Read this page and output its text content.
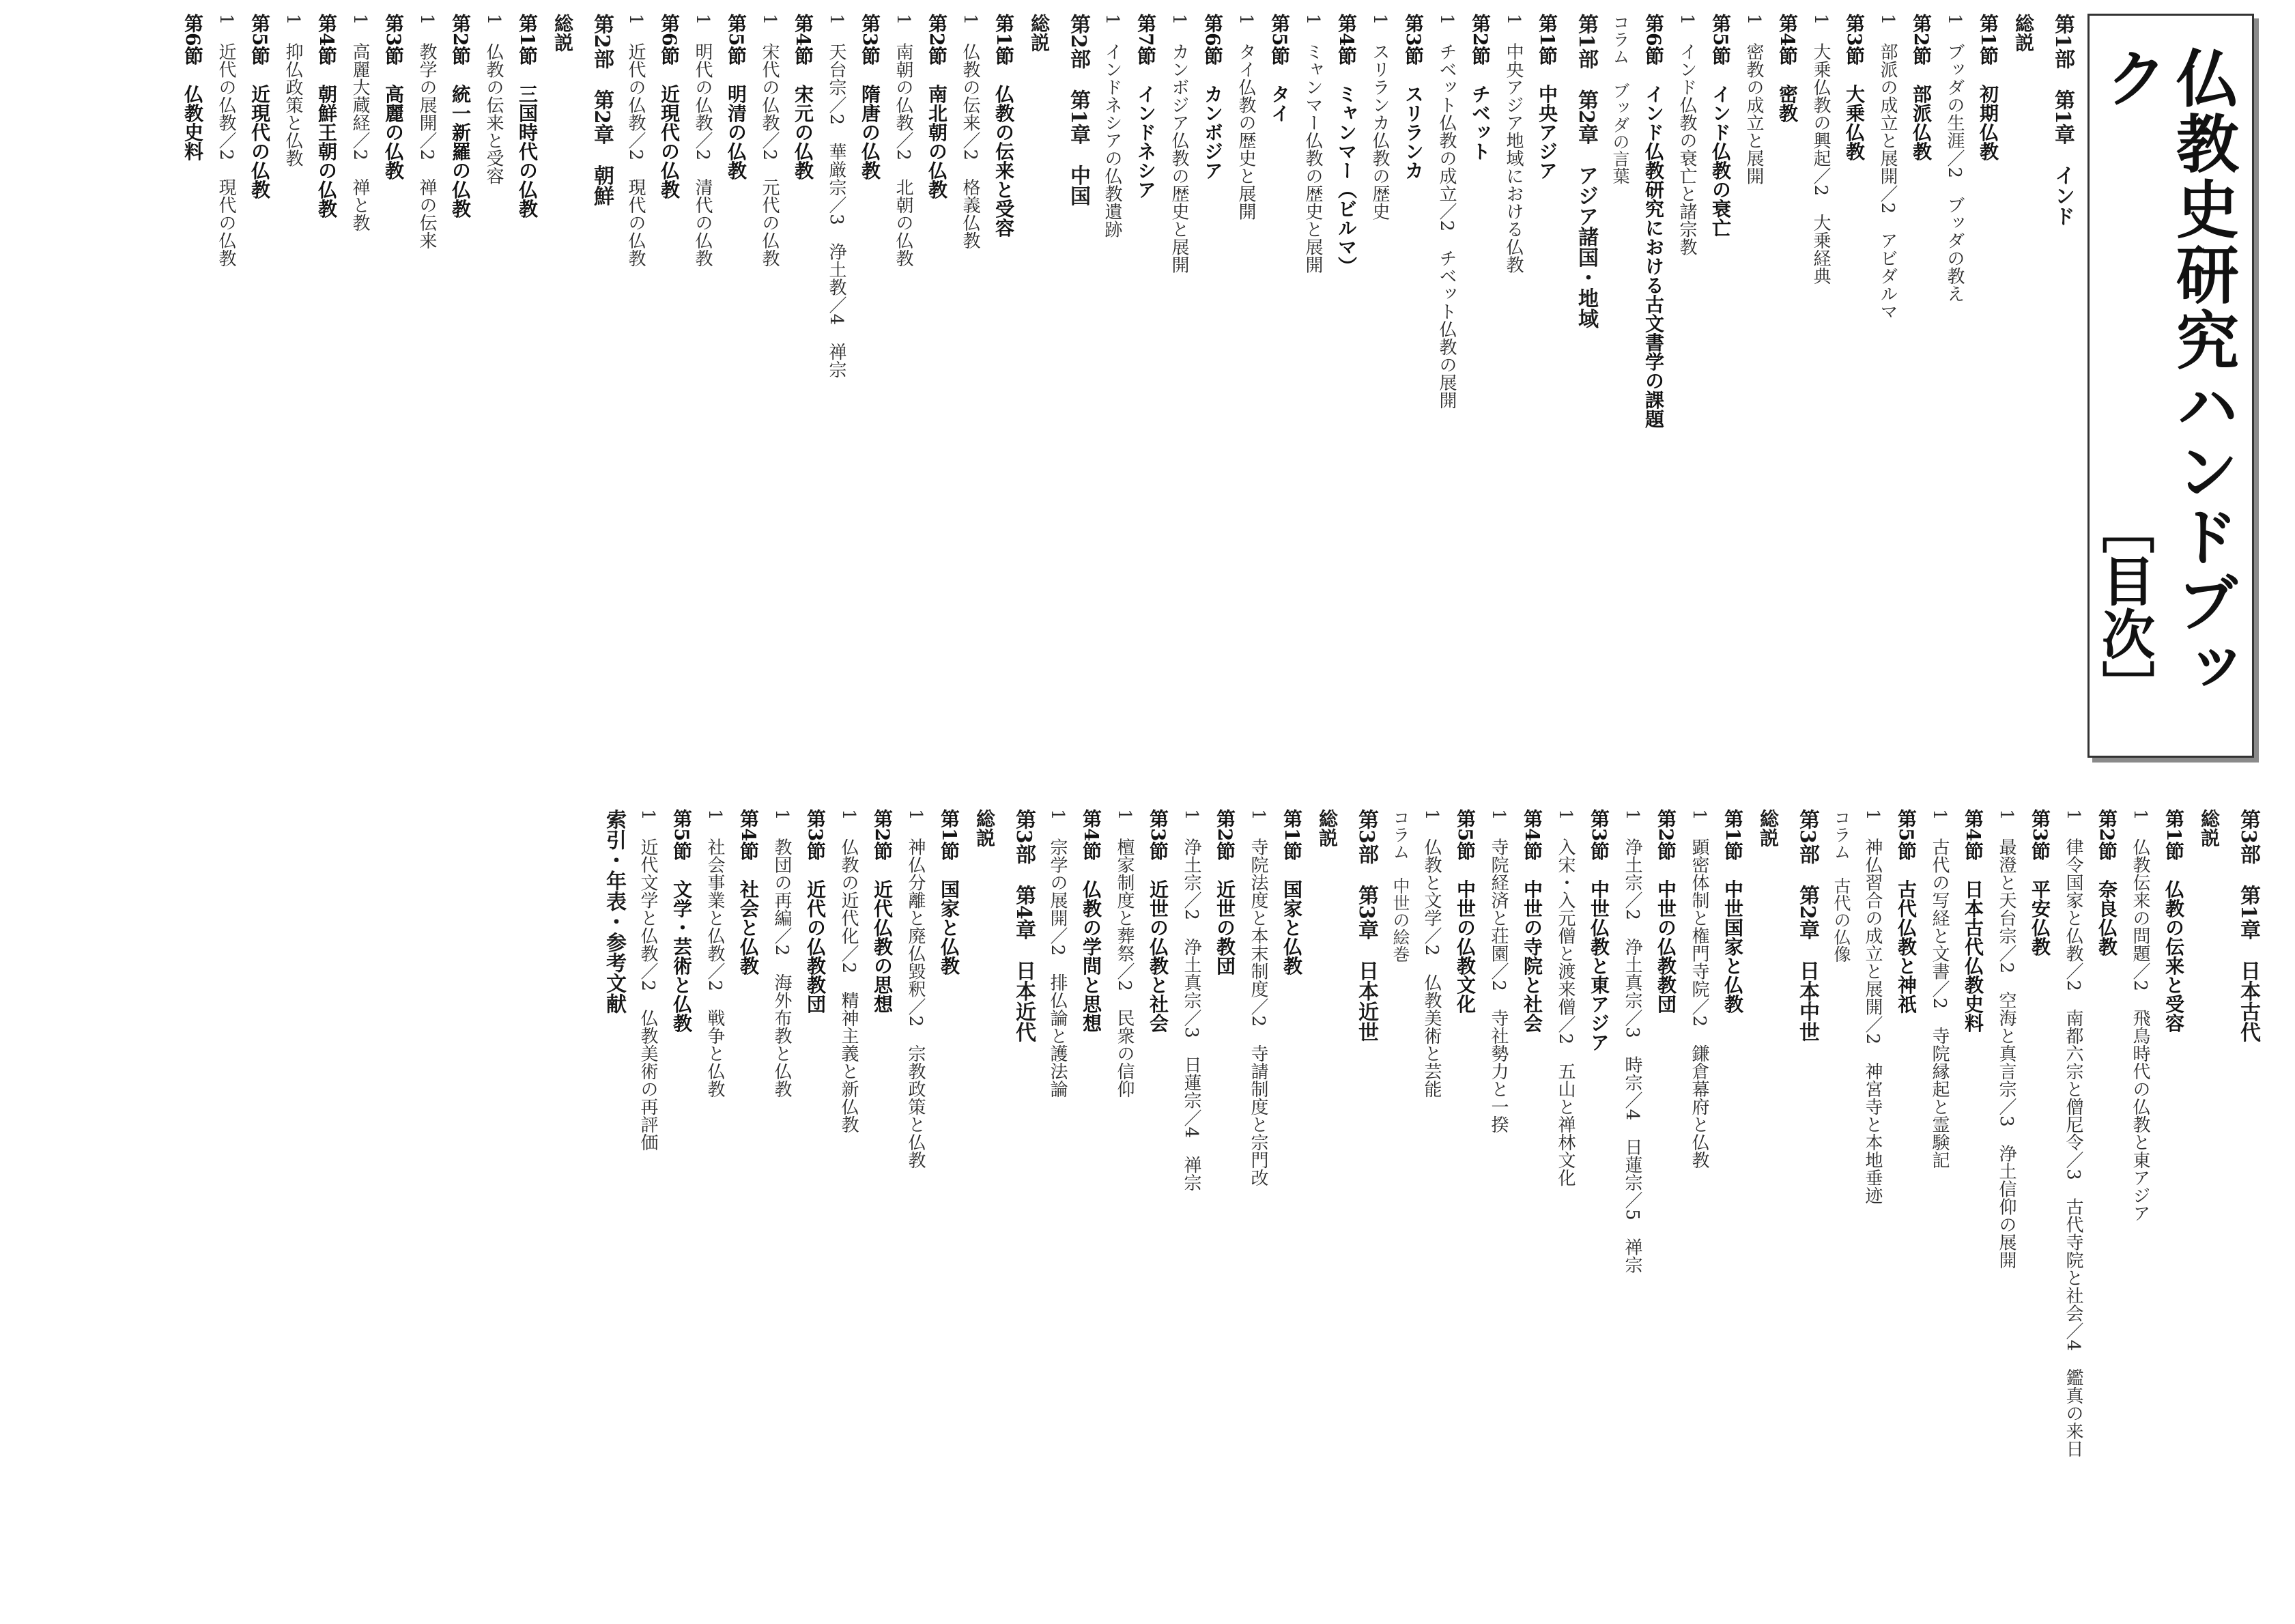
仏教史研究ハンドブック
［目次］
第1部　第1章　インド
総説
第1節　初期仏教
1　ブッダの生涯／2　ブッダの教え
第2節　部派仏教
1　部派の成立と展開／2　アビダルマ
第3節　大乗仏教
1　大乗仏教の興起／2　大乗経典
第4節　密教
1　密教の成立と展開
第5節　インド仏教の衰亡
1　インド仏教の衰亡と諸宗教
第6節　インド仏教研究における古文書学の課題
コラム　ブッダの言葉
第1部　第2章　アジア諸国・地域
第1節　中央アジア
1　中央アジア地域における仏教
第2節　チベット
1　チベット仏教の成立／2　チベット仏教の展開
第3節　スリランカ
1　スリランカ仏教の歴史
第4節　ミャンマー（ビルマ）
1　ミャンマー仏教の歴史と展開
第5節　タイ
1　タイ仏教の歴史と展開
第6節　カンボジア
1　カンボジア仏教の歴史と展開
第7節　インドネシア
1　インドネシアの仏教遺跡
第2部　第1章　中国
総説
第1節　仏教の伝来と受容
1　仏教の伝来／2　格義仏教
第2節　南北朝の仏教
1　南朝の仏教／2　北朝の仏教
第3節　隋唐の仏教
1　天台宗／2　華厳宗／3　浄土教／4　禅宗
第4節　宋元の仏教
1　宋代の仏教／2　元代の仏教
第5節　明清の仏教
1　明代の仏教／2　清代の仏教
第6節　近現代の仏教
1　近代の仏教／2　現代の仏教
第2部　第2章　朝鮮
総説
第1節　三国時代の仏教
1　仏教の伝来と受容
第2節　統一新羅の仏教
1　教学の展開／2　禅の伝来
第3節　高麗の仏教
1　高麗大蔵経／2　禅と教
第4節　朝鮮王朝の仏教
1　抑仏政策と仏教
第5節　近現代の仏教
1　近代の仏教／2　現代の仏教
第6節　仏教史料
第3部　第1章　日本古代
総説
第1節　仏教の伝来と受容
1　仏教伝来の問題／2　飛鳥時代の仏教と東アジア
第2節　奈良仏教
1　律令国家と仏教／2　南都六宗と僧尼令／3　古代寺院と社会／4　鑑真の来日
第3節　平安仏教
1　最澄と天台宗／2　空海と真言宗／3　浄土信仰の展開
第4節　日本古代仏教史料
1　古代の写経と文書／2　寺院縁起と霊験記
第5節　古代仏教と神祇
1　神仏習合の成立と展開／2　神宮寺と本地垂迹
コラム　古代の仏像
第3部　第2章　日本中世
総説
第1節　中世国家と仏教
1　顕密体制と権門寺院／2　鎌倉幕府と仏教
第2節　中世の仏教教団
1　浄土宗／2　浄土真宗／3　時宗／4　日蓮宗／5　禅宗
第3節　中世仏教と東アジア
1　入宋・入元僧と渡来僧／2　五山と禅林文化
第4節　中世の寺院と社会
1　寺院経済と荘園／2　寺社勢力と一揆
第5節　中世の仏教文化
1　仏教と文学／2　仏教美術と芸能
コラム　中世の絵巻
第3部　第3章　日本近世
総説
第1節　国家と仏教
1　寺院法度と本末制度／2　寺請制度と宗門改
第2節　近世の教団
1　浄土宗／2　浄土真宗／3　日蓮宗／4　禅宗
第3節　近世の仏教と社会
1　檀家制度と葬祭／2　民衆の信仰
第4節　仏教の学問と思想
1　宗学の展開／2　排仏論と護法論
第3部　第4章　日本近代
総説
第1節　国家と仏教
1　神仏分離と廃仏毀釈／2　宗教政策と仏教
第2節　近代仏教の思想
1　仏教の近代化／2　精神主義と新仏教
第3節　近代の仏教教団
1　教団の再編／2　海外布教と仏教
第4節　社会と仏教
1　社会事業と仏教／2　戦争と仏教
第5節　文学・芸術と仏教
1　近代文学と仏教／2　仏教美術の再評価
索引・年表・参考文献
